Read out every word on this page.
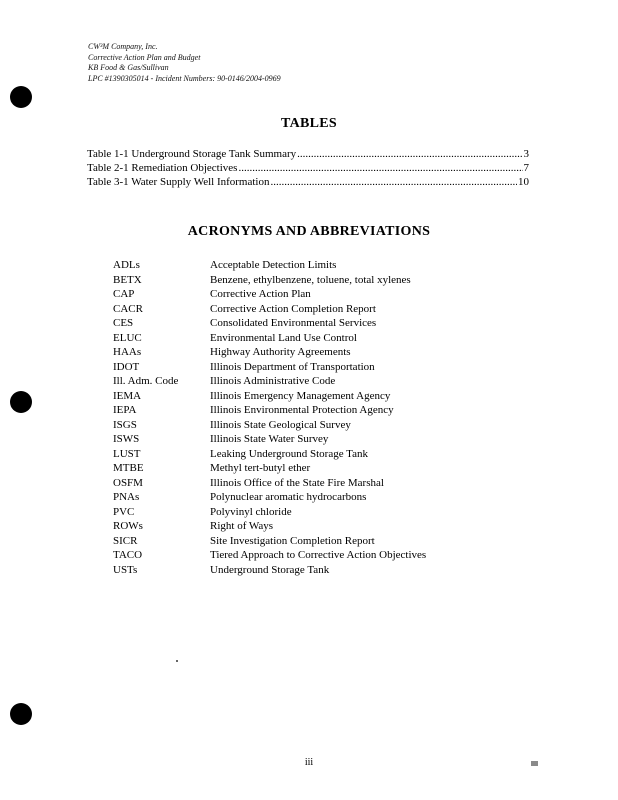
CW³M Company, Inc.
Corrective Action Plan and Budget
KB Food & Gas/Sullivan
LPC #1390305014 - Incident Numbers: 90-0146/2004-0969
TABLES
Table 1-1 Underground Storage Tank Summary .....	3
Table 2-1 Remediation Objectives .....	7
Table 3-1 Water Supply Well Information .....	10
ACRONYMS AND ABBREVIATIONS
ADLs	Acceptable Detection Limits
BETX	Benzene, ethylbenzene, toluene, total xylenes
CAP	Corrective Action Plan
CACR	Corrective Action Completion Report
CES	Consolidated Environmental Services
ELUC	Environmental Land Use Control
HAAs	Highway Authority Agreements
IDOT	Illinois Department of Transportation
Ill. Adm. Code	Illinois Administrative Code
IEMA	Illinois Emergency Management Agency
IEPA	Illinois Environmental Protection Agency
ISGS	Illinois State Geological Survey
ISWS	Illinois State Water Survey
LUST	Leaking Underground Storage Tank
MTBE	Methyl tert-butyl ether
OSFM	Illinois Office of the State Fire Marshal
PNAs	Polynuclear aromatic hydrocarbons
PVC	Polyvinyl chloride
ROWs	Right of Ways
SICR	Site Investigation Completion Report
TACO	Tiered Approach to Corrective Action Objectives
USTs	Underground Storage Tank
iii
